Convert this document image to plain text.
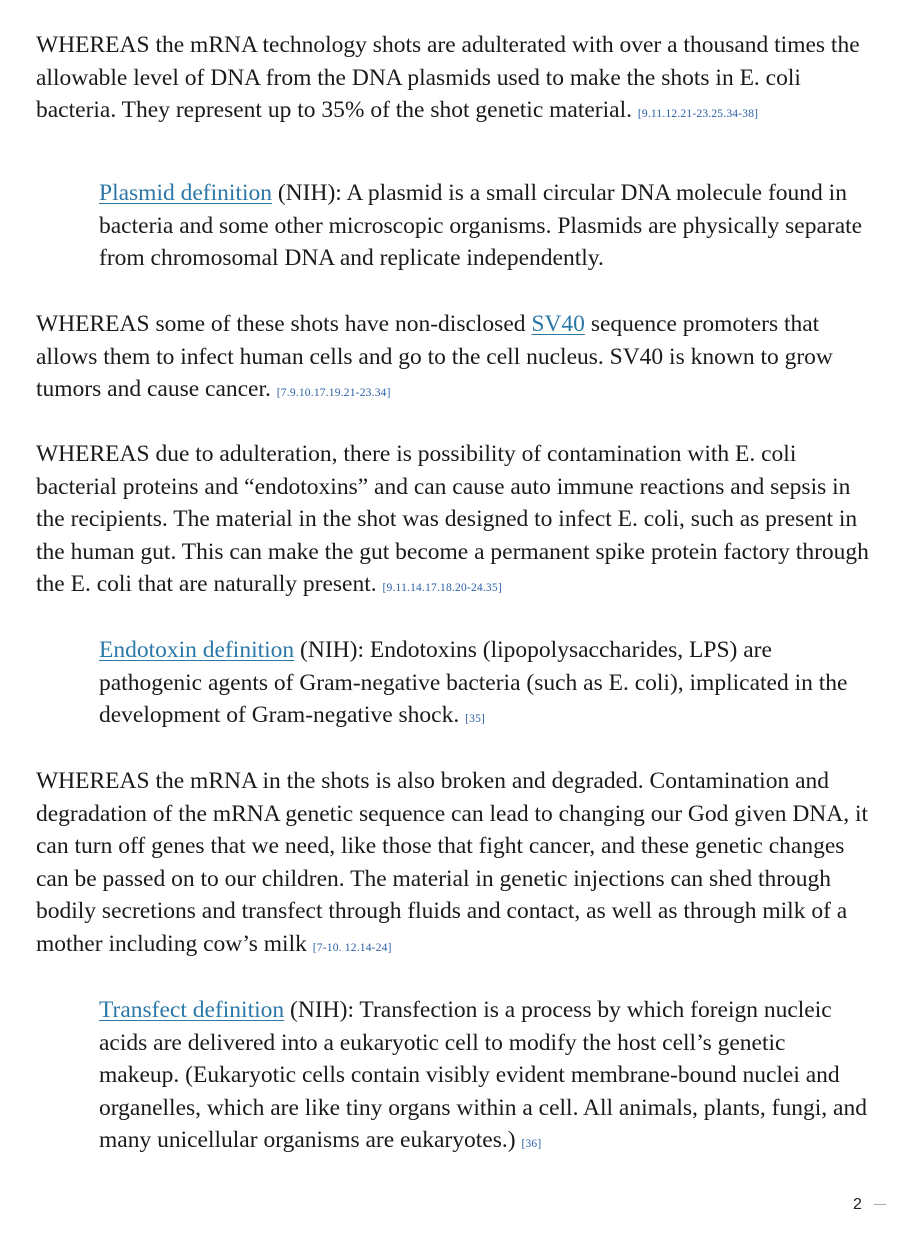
WHEREAS the mRNA technology shots are adulterated with over a thousand times the allowable level of DNA from the DNA plasmids used to make the shots in E. coli bacteria. They represent up to 35% of the shot genetic material. [9.11.12.21-23.25.34-38]

Plasmid definition (NIH): A plasmid is a small circular DNA molecule found in bacteria and some other microscopic organisms. Plasmids are physically separate from chromosomal DNA and replicate independently.

WHEREAS some of these shots have non-disclosed SV40 sequence promoters that allows them to infect human cells and go to the cell nucleus. SV40 is known to grow tumors and cause cancer. [7.9.10.17.19.21-23.34]

WHEREAS due to adulteration, there is possibility of contamination with E. coli bacterial proteins and “endotoxins” and can cause auto immune reactions and sepsis in the recipients. The material in the shot was designed to infect E. coli, such as present in the human gut. This can make the gut become a permanent spike protein factory through the E. coli that are naturally present. [9.11.14.17.18.20-24.35]

Endotoxin definition (NIH): Endotoxins (lipopolysaccharides, LPS) are pathogenic agents of Gram-negative bacteria (such as E. coli), implicated in the development of Gram-negative shock. [35]

WHEREAS the mRNA in the shots is also broken and degraded. Contamination and degradation of the mRNA genetic sequence can lead to changing our God given DNA, it can turn off genes that we need, like those that fight cancer, and these genetic changes can be passed on to our children. The material in genetic injections can shed through bodily secretions and transfect through fluids and contact, as well as through milk of a mother including cow’s milk [7-10. 12.14-24]

Transfect definition (NIH): Transfection is a process by which foreign nucleic acids are delivered into a eukaryotic cell to modify the host cell’s genetic makeup. (Eukaryotic cells contain visibly evident membrane-bound nuclei and organelles, which are like tiny organs within a cell. All animals, plants, fungi, and many unicellular organisms are eukaryotes.) [36]

2
